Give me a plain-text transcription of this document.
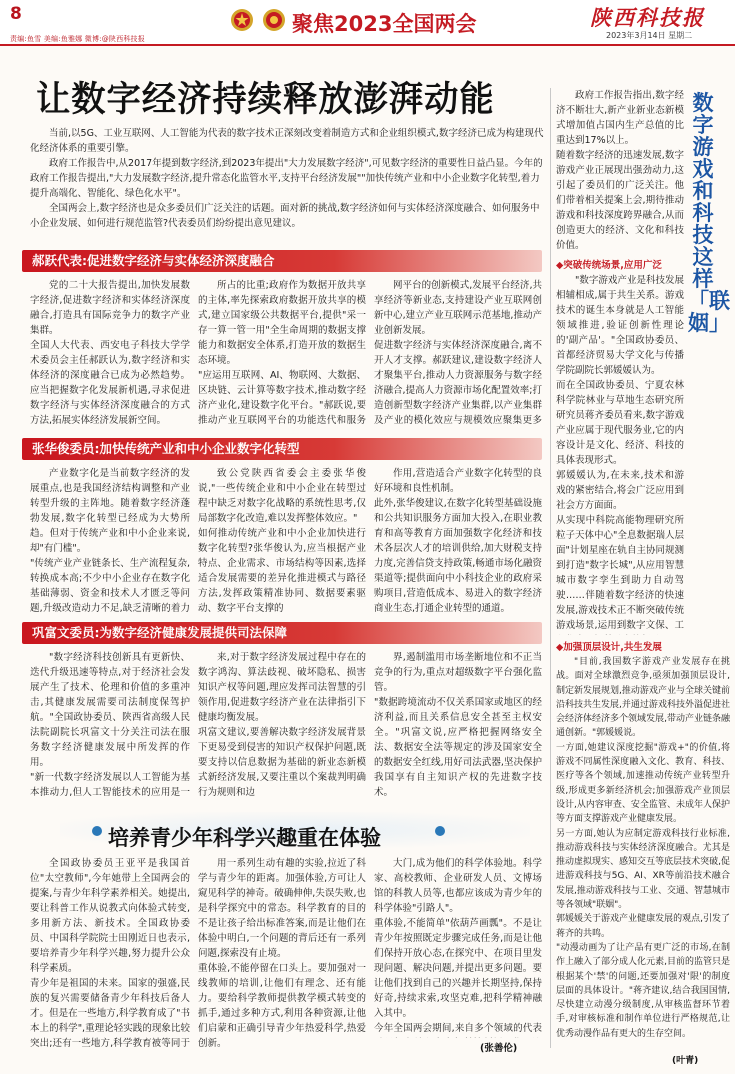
8
责编:鱼雪 美编:鱼雅娜 微博:@陕西科技报
聚焦2023全国两会	陕西科技报
2023年3月14日 星期二
让数字经济持续释放澎湃动能
当前,以5G、工业互联网、人工智能为代表的数字技术正深刻改变着制造方式和企业组织模式,数字经济已成为构建现代化经济体系的重要引擎。
政府工作报告中,从2017年提到数字经济,到2023年提出"大力发展数字经济",可见数字经济的重要性日益凸显。今年的政府工作报告提出,"大力发展数字经济,提升常态化监管水平,支持平台经济发展""加快传统产业和中小企业数字化转型,着力提升高端化、智能化、绿色化水平"。
全国两会上,数字经济也是众多委员们广泛关注的话题。面对新的挑战,数字经济如何与实体经济深度融合、如何服务中小企业发展、如何进行规范监管?代表委员们纷纷提出意见建议。
郝跃代表:促进数字经济与实体经济深度融合
党的二十大报告提出,加快发展数字经济,促进数字经济和实体经济深度融合,打造具有国际竞争力的数字产业集群。
全国人大代表、西安电子科技大学学术委员会主任郝跃认为,数字经济和实体经济的深度融合已成为必然趋势。应当把握数字化发展新机遇,寻求促进数字经济与实体经济深度融合的方式方法,拓展实体经济发展新空间。

所占的比重;政府作为数据开放共享的主体,率先探索政府数据开放共享的模式,建立国家级公共数据平台,提供"采一存一算一管一用"全生命周期的数据支撑能力和数据安全体系,打造开放的数据生态环境。
"应运用互联网、AI、物联网、大数据、区块链、云计算等数字技术,推动数字经济产业化,建设数字化平台。"郝跃说,要推动产业互联网平台的功能迭代和服务
网平台的创新模式,发展平台经济,共享经济等新业态,支持建设产业互联网创新中心,建立产业互联网示范基地,推动产业创新发展。
促进数字经济与实体经济深度融合,离不开人才支撑。郝跃建议,建设数字经济人才聚集平台,推动人力资源服务与数字经济融合,提高人力资源市场化配置效率;打造创新型数字经济产业集群,以产业集群及产业的模化效应与规模效应聚集更多
张华俊委员:加快传统产业和中小企业数字化转型
产业数字化是当前数字经济的发展重点,也是我国经济结构调整和产业转型升级的主阵地。随着数字经济蓬勃发展,数字化转型已经成为大势所趋。但对于传统产业和中小企业来说,却"有门槛"。
"传统产业产业链条长、生产流程复杂,转换成本高;不少中小企业存在数字化基础薄弱、资金和技术人才匮乏等问题,升级改造动力不足,缺乏清晰的着力
致公党陕西省委会主委张华俊说,"一些传统企业和中小企业在转型过程中缺乏对数字化战略的系统性思考,仅局部数字化改造,难以发挥整体效应。"
如何推动传统产业和中小企业加快进行数字化转型?张华俊认为,应当根据产业特点、企业需求、市场结构等因素,选择适合发展需要的差异化推进模式与路径方法,发挥政策精准协同、数据要素驱动、数字平台支撑的
作用,营造适合产业数字化转型的良好环境和良性机制。
此外,张华俊建议,在数字化转型基础设施和公共知识服务方面加大投入,在职业教育和高等教育方面加强数字化经济和技术各层次人才的培训供给,加大财税支持力度,完善信贷支持政策,畅通市场化融资渠道等;提供面向中小科技企业的政府采购项目,营造低成本、易进入的数字经济商业生态,打通企业转型的通道。
巩富文委员:为数字经济健康发展提供司法保障
"数字经济科技创新具有更新快、迭代升级迅速等特点,对于经济社会发展产生了技术、伦理和价值的多重冲击,其健康发展需要司法制度保驾护航。"全国政协委员、陕西省高级人民法院副院长巩富文十分关注司法在服务数字经济健康发展中所发挥的作用。
"新一代数字经济发展以人工智能为基本推动力,但人工智能技术的应用是一
来,对于数字经济发展过程中存在的数字鸿沟、算法歧视、破坏隐私、损害知识产权等问题,理应发挥司法智慧的引领作用,促进数字经济产业在法律指引下健康均衡发展。
巩富文建议,要善解决数字经济发展背景下更易受到侵害的知识产权保护问题,既要支持以信息数据为基础的新业态新模式新经济发展,又要注重以个案裁判明确行为规则和边
界,遏制滥用市场垄断地位和不正当竞争的行为,重点对超级数字平台强化监管。
"数据跨境流动不仅关系国家或地区的经济利益,而且关系信息安全甚至主权安全。"巩富文说,应严格把握网络安全法、数据安全法等规定的涉及国家安全的数据安全红线,用好司法武器,坚决保护我国享有自主知识产权的先进数字技术。
培养青少年科学兴趣重在体验
全国政协委员王亚平是我国首位"太空教师",今年她带上全国两会的提案,与青少年科学素养相关。她提出,要让科普工作从说教式向体验式转变,多用新方法、新技术。全国政协委员、中国科学院院士田刚近日也表示,要培养青少年科学兴趣,努力提升公众科学素质。
青少年是祖国的未来。国家的强盛,民族的复兴需要储备青少年科技后备人才。但是在一些地方,科学教育成了"书本上的科学",重理论轻实践的现象比较突出;还有一些地方,科学教育被等同于

用一系列生动有趣的实验,拉近了科学与青少年的距离。加强体验,方可让人窥见科学的神奇。破确伸伸,失误失败,也是科学探究中的常态。科学教育的目的不是让孩子给出标准答案,而是让他们在体验中明白,一个问题的背后还有一系列问题,探索没有止境。
重体验,不能停留在口头上。要加强对一线教师的培训,让他们有理念、还有能力。要给科学教师提供教学模式转变的抓手,通过多种方式,利用各种资源,让他们启蒙和正确引导青少年热爱科学,热爱创新。

大门,成为他们的科学体验地。科学家、高校教师、企业研发人员、文博场馆的科教人员等,也都应该成为青少年的科学体验"引路人"。
重体验,不能简单"依葫芦画瓢"。不是让青少年按照既定步骤完成任务,而是让他们保持开放心态,在探究中、在项目里发现问题、解决问题,并提出更多问题。要让他们找到自己的兴趣并长期坚持,保持好奇,持续求索,攻坚克难,把科学精神融入其中。
今年全国两会期间,来自多个领域的代表
(张善伦)
数字游戏和科技这样「联姻」
政府工作报告指出,数字经济不断壮大,新产业新业态新模式增加值占国内生产总值的比重达到17%以上。
随着数字经济的迅速发展,数字游戏产业正展现出强劲动力,这引起了委员们的广泛关注。他们带着相关提案上会,期待推动游戏和科技深度跨界融合,从而创造更大的经济、文化和科技价值。
◆突破传统场景,应用广泛
"数字游戏产业是科技发展相辅相成,属于共生关系。游戏技术的诞生本身就是人工智能领域推进,验证创新性理论的'副产品'。"全国政协委员、首都经济贸易大学文化与传播学院副院长郭媛媛认为。
而在全国政协委员、宁夏农林科学院林业与草地生态研究所研究员蒋齐委员看来,数字游戏产业应属于现代服务业,它的内容设计是文化、经济、科技的具体表现形式。
郭媛媛认为,在未来,技术和游戏的紧密结合,将会广泛应用到社会方方面面。
从实现中科院高能物理研究所粒子天体中心"全息数据瑞人层面"计划星座在轨自主协同规测到打造"数字长城",从应用智慧城市数字孪生到助力自动驾驶……伴随着数字经济的快速发展,游戏技术正不断突破传统游戏场景,运用到数字文保、工

◆加强顶层设计,共生发展
"目前,我国数字游戏产业发展存在挑战。面对全球激烈竞争,亟须加强顶层设计,制定新发展规划,推动游戏产业与全球关键前沿科技共生发展,并通过游戏科技外溢促进社会经济体经济多个领域发展,带动产业链条融通创新。"郭媛媛说。
一方面,她建议深度挖掘"游戏+"的价值,将游戏不同属性深度融入文化、教育、科技、医疗等各个领域,加速推动传统产业转型升级,形成更多新经济机会;加强游戏产业顶层设计,从内容审查、安全监管、未成年人保护等方面支撑游戏产业健康发展。
另一方面,她认为应制定游戏科技行业标准,推动游戏科技与实体经济深度融合。尤其是推动虚拟现实、感知交互等底层技术突破,促进游戏科技与5G、AI、XR等前沿技术融合发展,推动游戏科技与工业、交通、智慧城市等各领域"联姻"。
郭媛媛关于游戏产业健康发展的观点,引发了蒋齐的共鸣。
"动漫动画为了让产品有更广泛的市场,在制作上融入了部分成人化元素,目前的监管只是根据某个'禁'的问题,还要加强对'限'的制度层面的具体设计。"蒋齐建议,结合我国国情,尽快建立动漫分级制度,从审核监督环节着手,对审核标准和制作单位进行严格规范,让优秀动漫作品有更大的生存空间。
(叶青)
